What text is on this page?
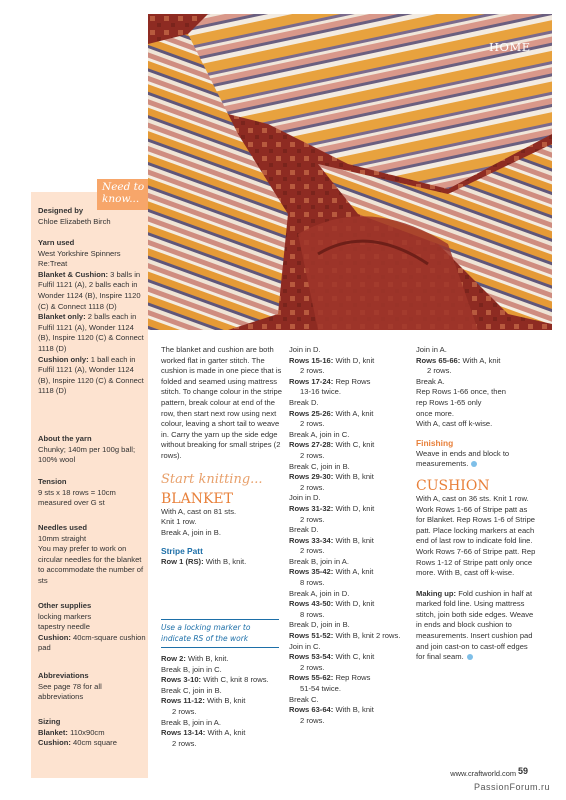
Need to know...
Designed by
Chloe Elizabeth Birch
Yarn used
West Yorkshire Spinners Re:Treat
Blanket & Cushion: 3 balls in Fulfil 1121 (A), 2 balls each in Wonder 1124 (B), Inspire 1120 (C) & Connect 1118 (D)
Blanket only: 2 balls each in Fulfil 1121 (A), Wonder 1124 (B), Inspire 1120 (C) & Connect 1118 (D)
Cushion only: 1 ball each in Fulfil 1121 (A), Wonder 1124 (B), Inspire 1120 (C) & Connect 1118 (D)
About the yarn
Chunky; 140m per 100g ball; 100% wool
Tension
9 sts x 18 rows = 10cm measured over G st
Needles used
10mm straight
You may prefer to work on circular needles for the blanket to accommodate the number of sts
Other supplies
locking markers
tapestry needle
Cushion: 40cm-square cushion pad
Abbreviations
See page 78 for all abbreviations
Sizing
Blanket: 110x90cm
Cushion: 40cm square
HOME
The blanket and cushion are both worked flat in garter stitch. The cushion is made in one piece that is folded and seamed using mattress stitch. To change colour in the stripe pattern, break colour at end of the row, then start next row using next colour, leaving a short tail to weave in. Carry the yarn up the side edge without breaking for small stripes (2 rows).
Start knitting...
BLANKET
With A, cast on 81 sts.
Knit 1 row.
Break A, join in B.
Stripe Patt
Row 1 (RS): With B, knit.
Use a locking marker to indicate RS of the work
Row 2: With B, knit.
Break B, join in C.
Rows 3-10: With C, knit 8 rows.
Break C, join in B.
Rows 11-12: With B, knit
2 rows.
Break B, join in A.
Rows 13-14: With A, knit
2 rows.
Join in D.
Rows 15-16: With D, knit
2 rows.
Rows 17-24: Rep Rows
13-16 twice.
Break D.
Rows 25-26: With A, knit
2 rows.
Break A, join in C.
Rows 27-28: With C, knit
2 rows.
Break C, join in B.
Rows 29-30: With B, knit
2 rows.
Join in D.
Rows 31-32: With D, knit
2 rows.
Break D.
Rows 33-34: With B, knit
2 rows.
Break B, join in A.
Rows 35-42: With A, knit
8 rows.
Break A, join in D.
Rows 43-50: With D, knit
8 rows.
Break D, join in B.
Rows 51-52: With B, knit 2 rows.
Join in C.
Rows 53-54: With C, knit
2 rows.
Rows 55-62: Rep Rows
51-54 twice.
Break C.
Rows 63-64: With B, knit
2 rows.
Join in A.
Rows 65-66: With A, knit
2 rows.
Break A.
Rep Rows 1-66 once, then
rep Rows 1-65 only
once more.
With A, cast off k-wise.
Finishing
Weave in ends and block to measurements.
CUSHION
With A, cast on 36 sts. Knit 1 row. Work Rows 1-66 of Stripe patt as for Blanket. Rep Rows 1-6 of Stripe patt. Place locking markers at each end of last row to indicate fold line. Work Rows 7-66 of Stripe patt. Rep Rows 1-12 of Stripe patt only once more. With B, cast off k-wise.
Making up: Fold cushion in half at marked fold line. Using mattress stitch, join both side edges. Weave in ends and block cushion to measurements. Insert cushion pad and join cast-on to cast-off edges for final seam.
www.craftworld.com 59
PassionForum.ru
